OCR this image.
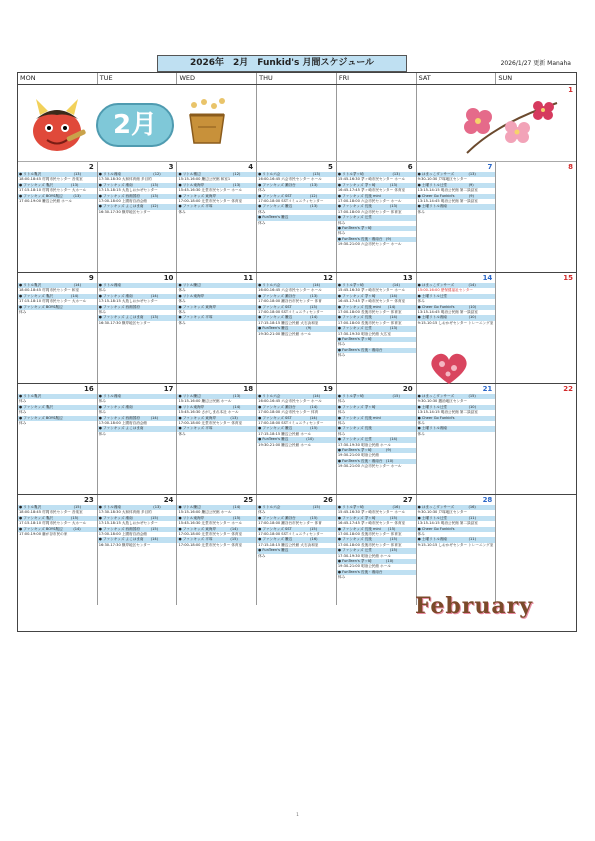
2026年　2月　Funkid's 月間スケジュール	2026/1/27 更新 Manaha
MON	TUE	WED	THU	FRI	SAT	SUN
2月
1
2
● リトル胤沢　　　　　　　　　(13)
18:00-18:45 村岡市民センター 音楽室
● ファンキッズ 胤沢　　　　　(13)
17:15-18:10 村岡市民センター 大ホール
● ファンキッズ BOYS胤辺　　　(13)
17:00-19:00 騰辺公民館 ホール
3
● リトル湘南　　　　　　　　　(12)
17:30-18:30 大和体育館 多目的
● ファンキッズ 湘南　　　　　(13)
17:15-18:15 大島しおかぜセンター
● ファンキッズ 西湘国府　　　(13)
17:00-18:00 上國府自治会館
● ファンキッズ よこはま南　　(12)
16:30-17:30 横岸地区センター
4
● リトル穂辺　　　　　　　　　(12)
15:15-16:00 騰辺公民館 和室1
● リトル東海岸　　　　　　　　(13)
15:45-16:30 辻堂市民センター ホール
● ファンキッズ 東海岸
17:00-18:00 辻堂市民センター 体育室
● ファンキッズ 平塚
休み
5
● リトル六会　　　　　　　　　(13)
16:00-16:45 六会市民センター ホール
● ファンキッズ 瀬谷台　　　　(13)
休み
● ファンキッズ SST　　　　　(12)
17:00-18:00 SSTコミュニティセンター
● ファンキッズ 騰辺　　　　　(13)
休み
● FunTeen's 騰辺
休み
6
● リトル茅ヶ崎　　　　　　　　(13)
15:45-16:30 茅ヶ崎市民センター ホール
● ファンキッズ 茅ヶ崎　　　　(13)
16:45-17:45 茅ヶ崎市民センター 体育室
● ファンキッズ 長後 mini
17:00-18:00 六会市民センター ホール
● ファンキッズ 長後　　　　　(13)
17:00-18:00 六会市民センター 体育室
● ファンキッズ 辻堂
休み
● FunTeen's 茅ヶ崎
休み
● FunTeen's 長後・湘南台　(9)
19:30-21:00 六会市民センター ホール
7
● はまっこダンサーズ　　　　(13)
9:30-10:30 戸塚地区センター
● 土曜リトル辻堂　　　　　　(9)
13:15-14:15 明治公民館 第二談話室
● Cheer Go Funkid's　　　　(9)
13:15-14:45 明治公民館 第一談話室
● 土曜リトル湘南
休み
8
9
● リトル胤沢　　　　　　　　　(14)
18:00-18:45 村岡市民センター 和室
● ファンキッズ 胤沢　　　　　(14)
17:15-18:10 村岡市民センター 大ホール
● ファンキッズ BOYS胤辺
休み
10
● リトル湘南
休み
● ファンキッズ 湘南　　　　　(14)
17:15-18:15 大島しおかぜセンター
● ファンキッズ 西湘国府
休み
● ファンキッズ よこはま南　　(13)
16:30-17:30 横岸地区センター
11
● リトル騰辺
休み
● リトル東海岸
休み
● ファンキッズ 東海岸
休み
● ファンキッズ 平塚
休み
12
● リトル六会　　　　　　　　　(14)
16:00-16:45 六会市民センター ホール
● ファンキッズ 瀬谷台　　　　(13)
17:00-18:00 瀬谷台市民センター 体育
● ファンキッズ SST　　　　　(13)
17:00-18:00 SSTコミュニティセンター
● ファンキッズ 騰辺　　　　　(14)
17:15-18:15 騰辺公民館 大石浜和室
● FunTeen's 騰辺　　　　　(9)
19:30-21:00 騰辺公民館 ホール
13
● リトル茅ヶ崎　　　　　　　　(14)
15:45-16:30 茅ヶ崎市民センター ホール
● ファンキッズ 茅ヶ崎　　　　(14)
16:45-17:45 茅ヶ崎市民センター 体育室
● ファンキッズ 長後 mini　　(14)
17:00-18:00 長後市民センター 体育室
● ファンキッズ 長後　　　　　(14)
17:00-18:00 長後市民センター 体育室
● ファンキッズ 辻堂　　　　　(13)
17:30-19:30 明治公民館 大広室
● FunTeen's 茅ヶ崎
休み
● FunTeen's 長後・湘南台
休み
14
● はまっこダンサーズ　　　　(14)
15:00-16:00 歴保健福祉センター
● 土曜リトル辻堂
休み
● Cheer Go Funkid's　　　　(10)
13:15-14:45 明治公民館 第一談話室
● 土曜リトル湘南　　　　　　(10)
9:15-10:15 しおかぜセンター トレーニング室
15
16
● リトル胤沢
休み
● ファンキッズ 胤沢
休み
● ファンキッズ BOYS胤辺
休み
17
● リトル湘南
休み
● ファンキッズ 湘南
休み
● ファンキッズ 西湘国府　　　(14)
17:00-18:00 上國府自治会館
● ファンキッズ よこはま南
休み
18
● リトル騰辺　　　　　　　　　(13)
15:15-16:00 騰辺公民館 ホール
● リトル東海岸　　　　　　　　(14)
15:45-16:30 さがしまれ本社 ホール
● ファンキッズ 東海岸　　　　(13)
17:00-18:00 辻堂市民センター 体育室
● ファンキッズ 平塚
休み
19
● リトル六会　　　　　　　　　(14)
16:00-16:45 六会市民センター ホール
● ファンキッズ 瀬谷台　　　　(14)
17:00-18:00 六会市民センター 体育
● ファンキッズ SST　　　　　(14)
17:00-18:00 SSTコミュニティセンター
● ファンキッズ 騰辺　　　　　(15)
17:15-18:15 騰辺公民館 ホール
● FunTeen's 騰辺　　　　　(10)
19:30-21:00 騰辺公民館 ホール
20
● リトル茅ヶ崎　　　　　　　　(15)
休み
● ファンキッズ 茅ヶ崎
休み
● ファンキッズ 長後 mini
休み
● ファンキッズ 長後
休み
● ファンキッズ 辻堂　　　　　(14)
17:30-19:30 明治公民館 ホール
● FunTeen's 茅ヶ崎　　　　(9)
19:30-21:00 明治公民館
● FunTeen's 長後・湘南台　(10)
19:30-21:00 六会市民センター ホール
21
● はまっこダンサーズ　　　　(15)
9:30-10:30 鍛治地区センター
● 土曜リトル辻堂　　　　　　(10)
13:15-14:15 明治公民館 第二談話室
● Cheer Go Funkid's
休み
● 土曜リトル湘南
休み
22
23
● リトル胤沢　　　　　　　　　(15)
18:00-18:45 村岡市民センター 音楽室
● ファンキッズ 胤沢　　　　　(15)
17:15-18:10 村岡市民センター 大ホール
● ファンキッズ BOYS胤辺　　　(14)
17:00-19:00 藤が谷市民の家
24
● リトル湘南　　　　　　　　　(13)
17:30-18:30 大和体育館 多目的
● ファンキッズ 湘南　　　　　(15)
17:15-18:15 大島しおかぜセンター
● ファンキッズ 西湘国府　　　(15)
17:00-18:00 上國府自治会館
● ファンキッズ よこはま南　　(14)
16:30-17:30 横岸地区センター
25
● リトル騰辺　　　　　　　　　(14)
15:15-16:00 騰辺公民館 ホール
● リトル東海岸　　　　　　　　(15)
15:45-16:30 辻堂市民センター ホール
● ファンキッズ 東海岸　　　　(14)
17:00-18:00 辻堂市民センター 体育室
● ファンキッズ 平塚　　　　　(15)
17:00-18:00 辻堂市民センター 体育室
26
● リトル六会　　　　　　　　　(15)
休み
● ファンキッズ 瀬谷台　　　　(15)
17:00-18:00 瀬谷台市民センター 体育
● ファンキッズ SST　　　　　(15)
17:00-18:00 SSTコミュニティセンター
● ファンキッズ 騰辺　　　　　(16)
17:15-18:15 騰辺公民館 大石浜和室
● FunTeen's 騰辺
休み
27
● リトル茅ヶ崎　　　　　　　　(16)
15:45-16:30 茅ヶ崎市民センター ホール
● ファンキッズ 茅ヶ崎　　　　(15)
16:45-17:45 茅ヶ崎市民センター 体育室
● ファンキッズ 長後 mini　　(15)
17:00-18:00 長後市民センター 体育室
● ファンキッズ 長後　　　　　(15)
17:00-18:00 長後市民センター 体育室
● ファンキッズ 辻堂　　　　　(15)
17:30-19:30 明治公民館 ホール
● FunTeen's 茅ヶ崎　　　　(10)
19:30-21:00 明治公民館 ホール
● FunTeen's 長後・湘南台
休み
28
● はまっこダンサーズ　　　　(16)
9:30-10:30 戸塚地区センター
● 土曜リトル辻堂　　　　　　(11)
13:15-14:15 明治公民館 第二談話室
● Cheer Go Funkid's
休み
● 土曜リトル湘南　　　　　　(11)
9:15-10:15 しおかぜセンター トレーニング室
February
1
